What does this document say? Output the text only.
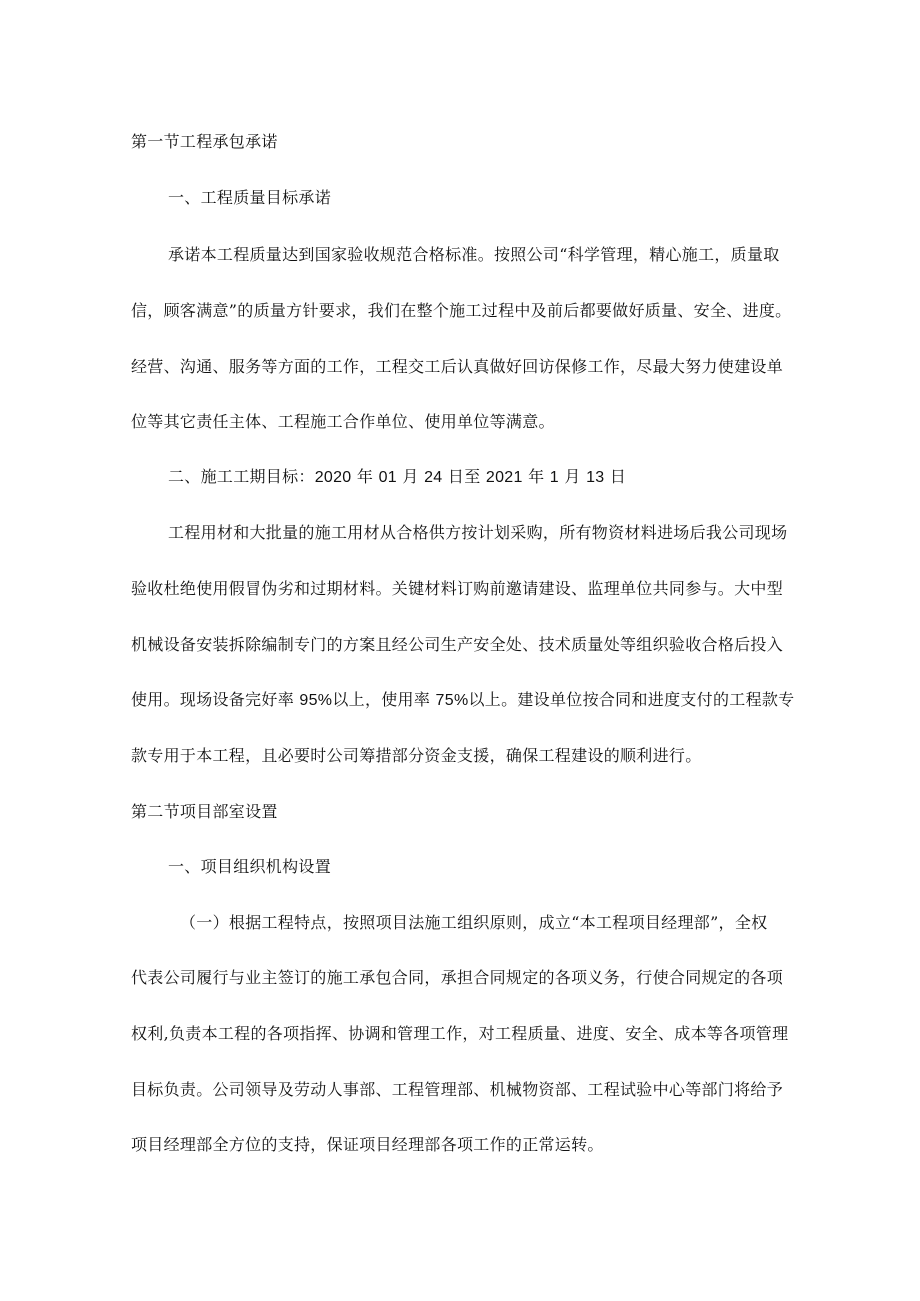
第一节工程承包承诺
一、工程质量目标承诺
承诺本工程质量达到国家验收规范合格标准。按照公司“科学管理，精心施工，质量取
信，顾客满意”的质量方针要求，我们在整个施工过程中及前后都要做好质量、安全、进度。
经营、沟通、服务等方面的工作，工程交工后认真做好回访保修工作，尽最大努力使建设单
位等其它责任主体、工程施工合作单位、使用单位等满意。
二、施工工期目标：2020 年 01 月 24 日至 2021 年 1 月 13 日
工程用材和大批量的施工用材从合格供方按计划采购，所有物资材料进场后我公司现场
验收杜绝使用假冒伪劣和过期材料。关键材料订购前邀请建设、监理单位共同参与。大中型
机械设备安装拆除编制专门的方案且经公司生产安全处、技术质量处等组织验收合格后投入
使用。现场设备完好率 95%以上，使用率 75%以上。建设单位按合同和进度支付的工程款专
款专用于本工程，且必要时公司筹措部分资金支援，确保工程建设的顺利进行。
第二节项目部室设置
一、项目组织机构设置
（一）根据工程特点，按照项目法施工组织原则，成立“本工程项目经理部”，全权
代表公司履行与业主签订的施工承包合同，承担合同规定的各项义务，行使合同规定的各项
权利,负责本工程的各项指挥、协调和管理工作，对工程质量、进度、安全、成本等各项管理
目标负责。公司领导及劳动人事部、工程管理部、机械物资部、工程试验中心等部门将给予
项目经理部全方位的支持，保证项目经理部各项工作的正常运转。
